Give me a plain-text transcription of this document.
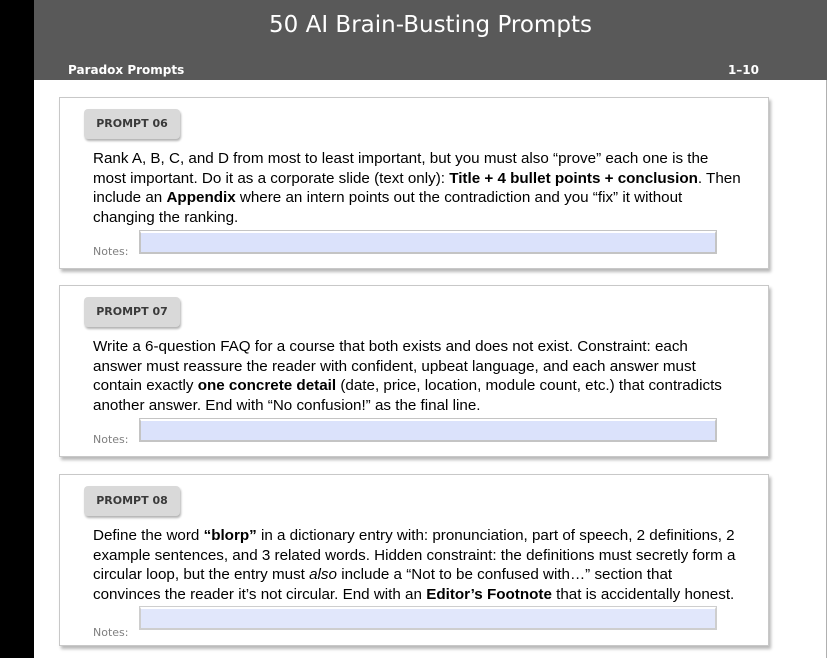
50 AI Brain-Busting Prompts
Paradox Prompts	1–10
PROMPT 06

Rank A, B, C, and D from most to least important, but you must also “prove” each one is the most important. Do it as a corporate slide (text only): Title + 4 bullet points + conclusion. Then include an Appendix where an intern points out the contradiction and you “fix” it without changing the ranking.

Notes:
PROMPT 07

Write a 6-question FAQ for a course that both exists and does not exist. Constraint: each answer must reassure the reader with confident, upbeat language, and each answer must contain exactly one concrete detail (date, price, location, module count, etc.) that contradicts another answer. End with “No confusion!” as the final line.

Notes:
PROMPT 08

Define the word “blorp” in a dictionary entry with: pronunciation, part of speech, 2 definitions, 2 example sentences, and 3 related words. Hidden constraint: the definitions must secretly form a circular loop, but the entry must also include a “Not to be confused with…” section that convinces the reader it’s not circular. End with an Editor’s Footnote that is accidentally honest.

Notes:
